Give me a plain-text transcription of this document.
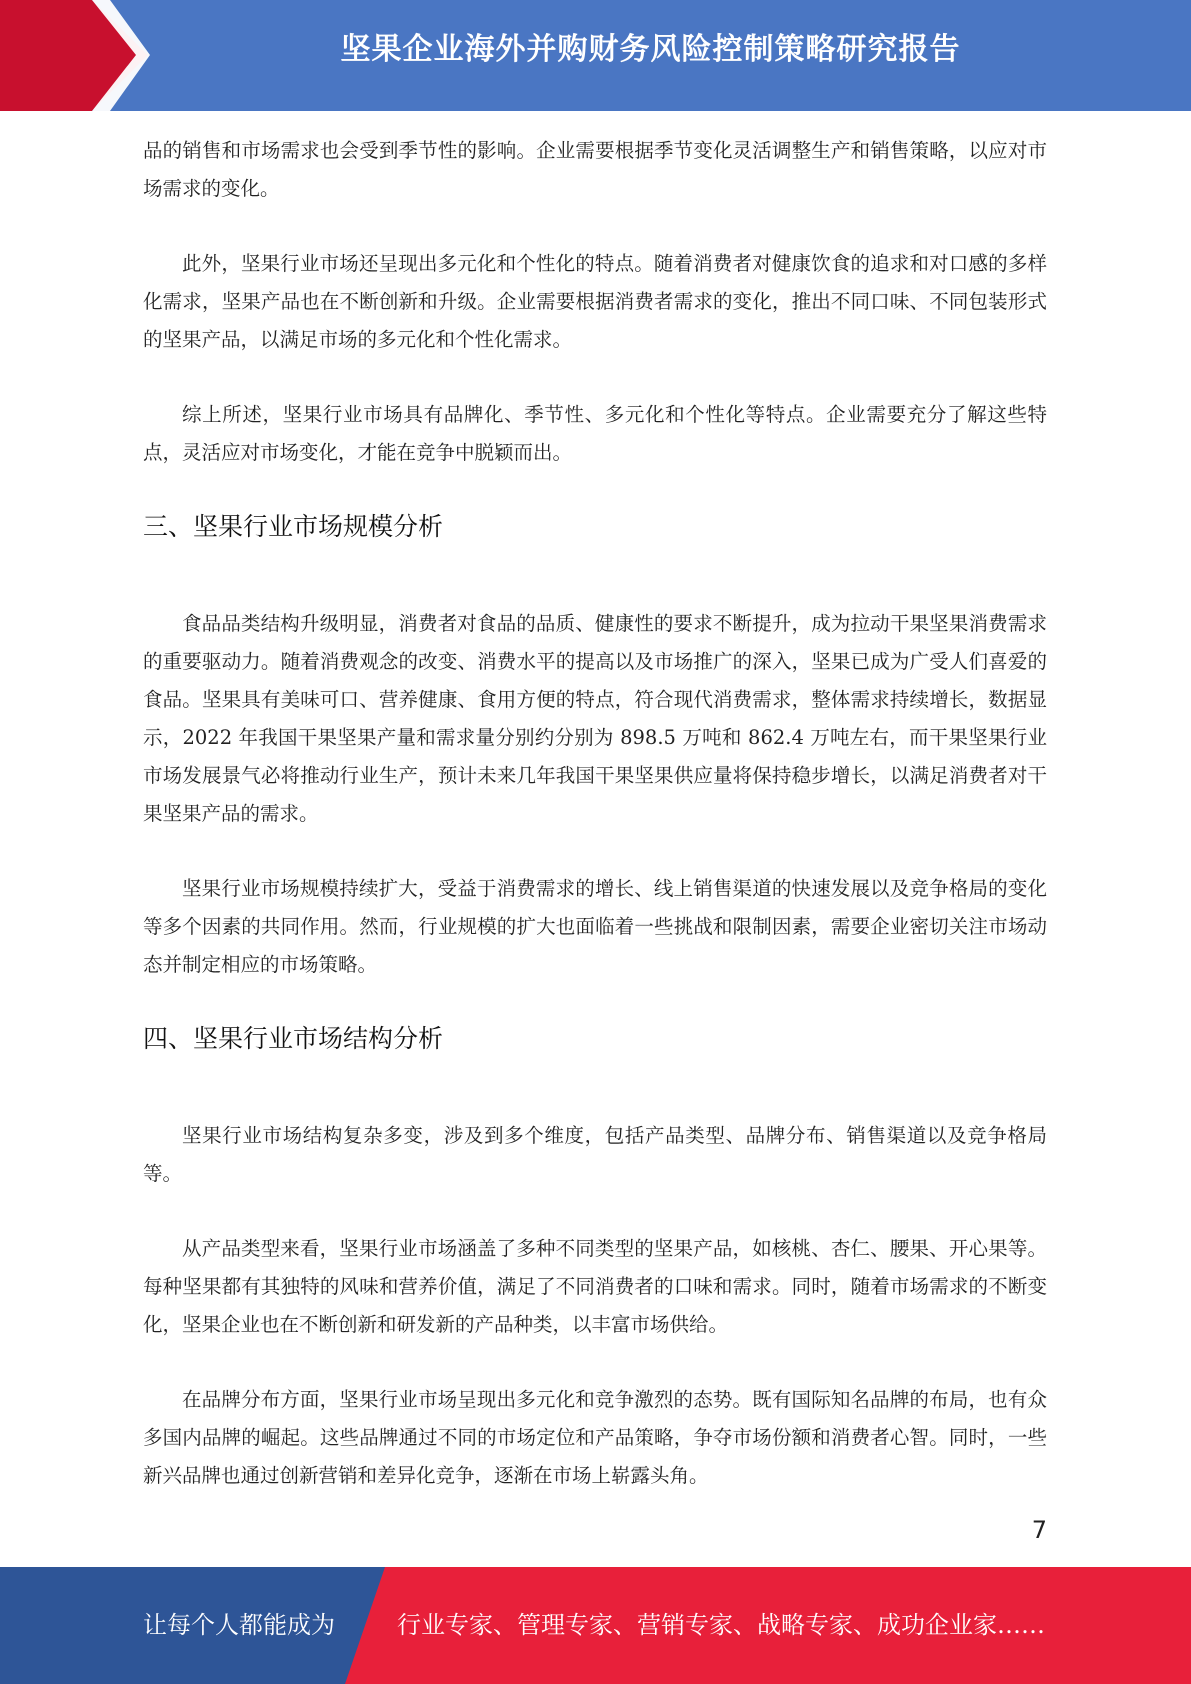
坚果企业海外并购财务风险控制策略研究报告

品的销售和市场需求也会受到季节性的影响。企业需要根据季节变化灵活调整生产和销售策略，以应对市场需求的变化。

此外，坚果行业市场还呈现出多元化和个性化的特点。随着消费者对健康饮食的追求和对口感的多样化需求，坚果产品也在不断创新和升级。企业需要根据消费者需求的变化，推出不同口味、不同包装形式的坚果产品，以满足市场的多元化和个性化需求。

综上所述，坚果行业市场具有品牌化、季节性、多元化和个性化等特点。企业需要充分了解这些特点，灵活应对市场变化，才能在竞争中脱颖而出。

三、坚果行业市场规模分析

食品品类结构升级明显，消费者对食品的品质、健康性的要求不断提升，成为拉动干果坚果消费需求的重要驱动力。随着消费观念的改变、消费水平的提高以及市场推广的深入，坚果已成为广受人们喜爱的食品。坚果具有美味可口、营养健康、食用方便的特点，符合现代消费需求，整体需求持续增长，数据显示，2022 年我国干果坚果产量和需求量分别约分别为 898.5 万吨和 862.4 万吨左右，而干果坚果行业市场发展景气必将推动行业生产，预计未来几年我国干果坚果供应量将保持稳步增长，以满足消费者对干果坚果产品的需求。

坚果行业市场规模持续扩大，受益于消费需求的增长、线上销售渠道的快速发展以及竞争格局的变化等多个因素的共同作用。然而，行业规模的扩大也面临着一些挑战和限制因素，需要企业密切关注市场动态并制定相应的市场策略。

四、坚果行业市场结构分析

坚果行业市场结构复杂多变，涉及到多个维度，包括产品类型、品牌分布、销售渠道以及竞争格局等。

从产品类型来看，坚果行业市场涵盖了多种不同类型的坚果产品，如核桃、杏仁、腰果、开心果等。每种坚果都有其独特的风味和营养价值，满足了不同消费者的口味和需求。同时，随着市场需求的不断变化，坚果企业也在不断创新和研发新的产品种类，以丰富市场供给。

在品牌分布方面，坚果行业市场呈现出多元化和竞争激烈的态势。既有国际知名品牌的布局，也有众多国内品牌的崛起。这些品牌通过不同的市场定位和产品策略，争夺市场份额和消费者心智。同时，一些新兴品牌也通过创新营销和差异化竞争，逐渐在市场上崭露头角。

7
让每个人都能成为	行业专家、管理专家、营销专家、战略专家、成功企业家……
